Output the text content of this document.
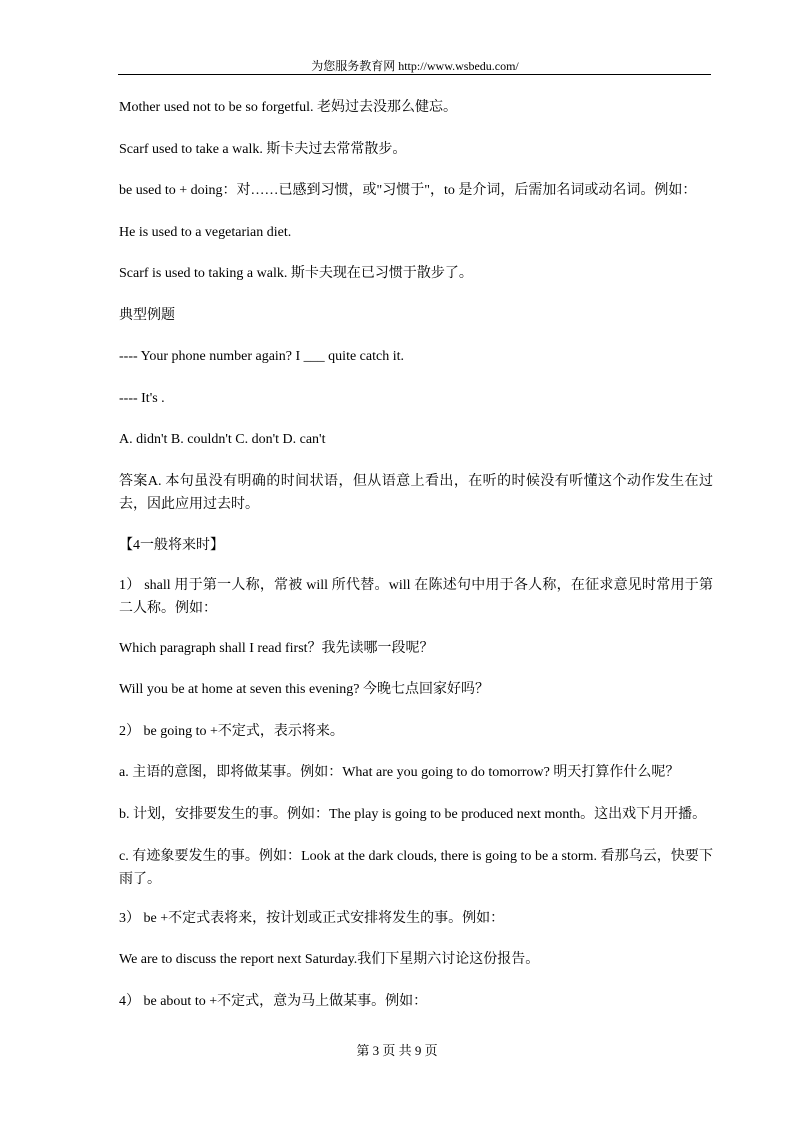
为您服务教育网 http://www.wsbedu.com/
Mother used not to be so forgetful. 老妈过去没那么健忘。
Scarf used to take a walk. 斯卡夫过去常常散步。
be used to + doing：对……已感到习惯，或"习惯于"，to 是介词，后需加名词或动名词。例如：
He is used to a vegetarian diet.
Scarf is used to taking a walk. 斯卡夫现在已习惯于散步了。
典型例题
---- Your phone number again? I ___ quite catch it.
---- It's .
A. didn't B. couldn't C. don't D. can't
答案A. 本句虽没有明确的时间状语，但从语意上看出，在听的时候没有听懂这个动作发生在过去，因此应用过去时。
【4一般将来时】
1） shall 用于第一人称，常被 will 所代替。will 在陈述句中用于各人称，在征求意见时常用于第二人称。例如：
Which paragraph shall I read first？我先读哪一段呢？
Will you be at home at seven this evening? 今晚七点回家好吗？
2） be going to +不定式，表示将来。
a. 主语的意图，即将做某事。例如：What are you going to do tomorrow? 明天打算作什么呢？
b. 计划，安排要发生的事。例如：The play is going to be produced next month。这出戏下月开播。
c. 有迹象要发生的事。例如：Look at the dark clouds, there is going to be a storm. 看那乌云，快要下雨了。
3） be +不定式表将来，按计划或正式安排将发生的事。例如：
We are to discuss the report next Saturday.我们下星期六讨论这份报告。
4） be about to +不定式，意为马上做某事。例如：
第 3 页 共 9 页
